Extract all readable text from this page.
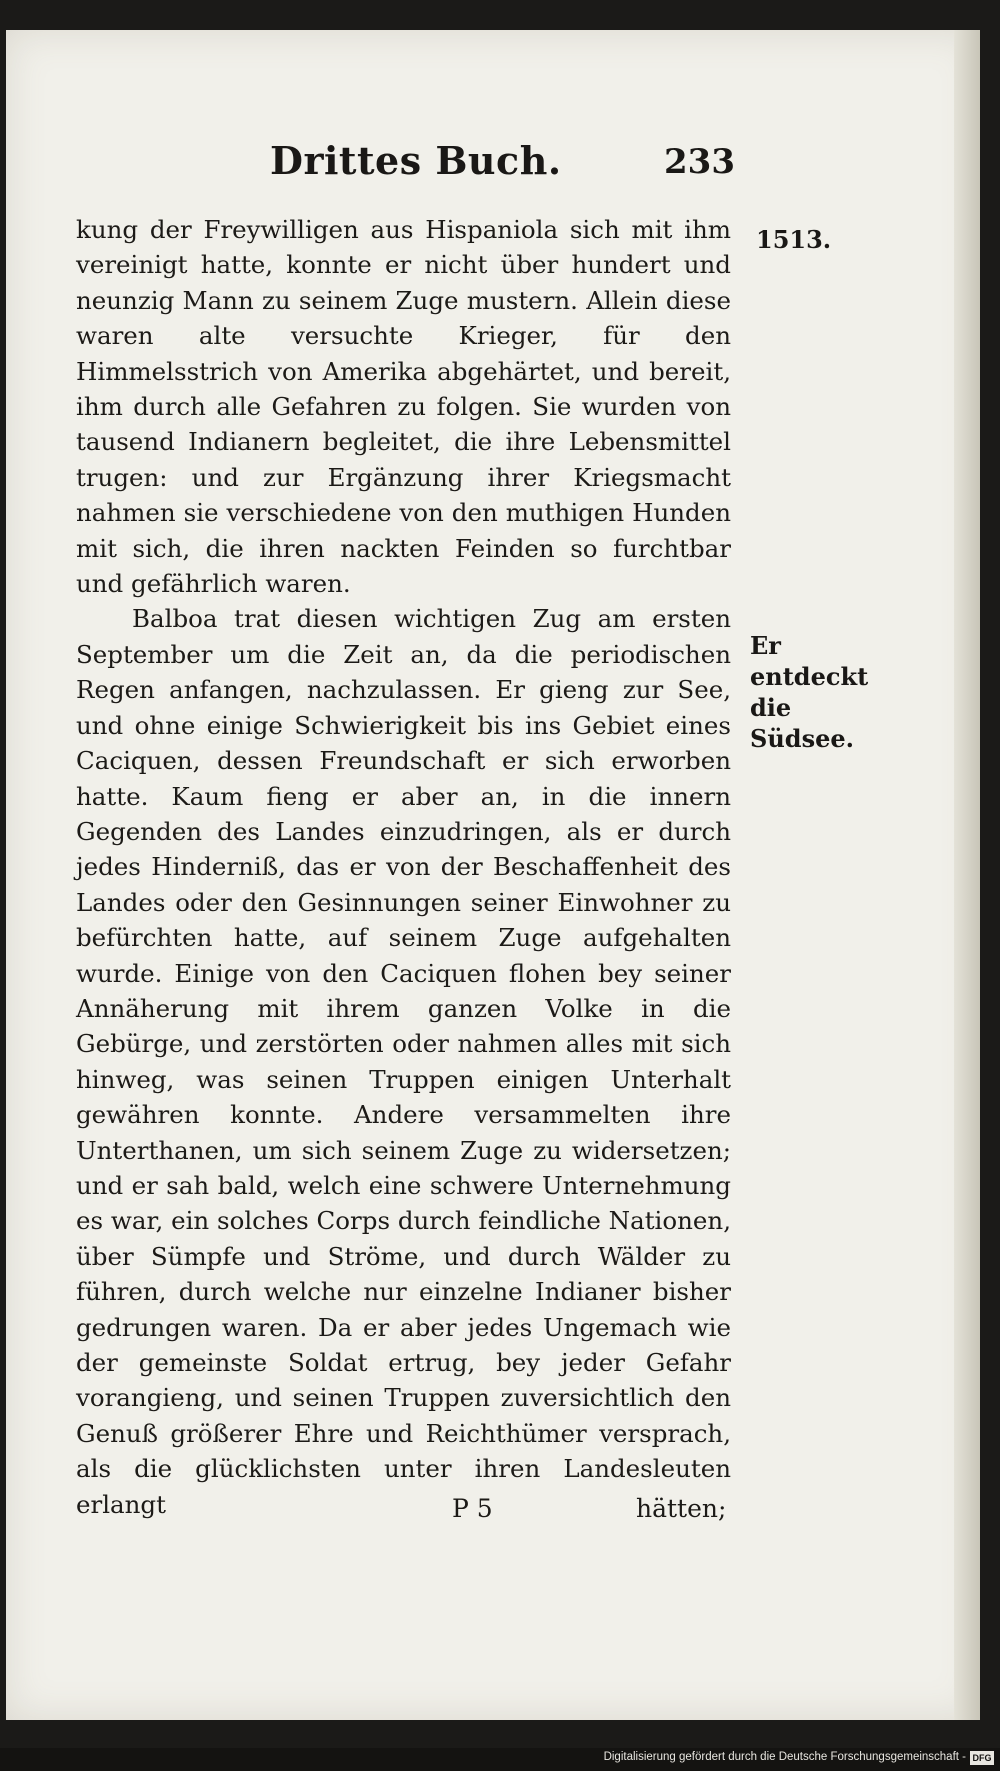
Drittes Buch.	233

kung der Freywilligen aus Hispaniola sich mit ihm vereinigt hatte, konnte er nicht über hundert und neunzig Mann zu seinem Zuge mustern. Allein diese waren alte versuchte Krieger, für den Himmelsstrich von Amerika abgehärtet, und bereit, ihm durch alle Gefahren zu folgen. Sie wurden von tausend Indianern begleitet, die ihre Lebensmittel trugen: und zur Ergänzung ihrer Kriegsmacht nahmen sie verschiedene von den muthigen Hunden mit sich, die ihren nackten Feinden so furchtbar und gefährlich waren.

Balboa trat diesen wichtigen Zug am ersten September um die Zeit an, da die periodischen Regen anfangen, nachzulassen. Er gieng zur See, und ohne einige Schwierigkeit bis ins Gebiet eines Caciquen, dessen Freundschaft er sich erworben hatte. Kaum fieng er aber an, in die innern Gegenden des Landes einzudringen, als er durch jedes Hinderniß, das er von der Beschaffenheit des Landes oder den Gesinnungen seiner Einwohner zu befürchten hatte, auf seinem Zuge aufgehalten wurde. Einige von den Caciquen flohen bey seiner Annäherung mit ihrem ganzen Volke in die Gebürge, und zerstörten oder nahmen alles mit sich hinweg, was seinen Truppen einigen Unterhalt gewähren konnte. Andere versammelten ihre Unterthanen, um sich seinem Zuge zu widersetzen; und er sah bald, welch eine schwere Unternehmung es war, ein solches Corps durch feindliche Nationen, über Sümpfe und Ströme, und durch Wälder zu führen, durch welche nur einzelne Indianer bisher gedrungen waren. Da er aber jedes Ungemach wie der gemeinste Soldat ertrug, bey jeder Gefahr vorangieng, und seinen Truppen zuversichtlich den Genuß größerer Ehre und Reichthümer versprach, als die glücklichsten unter ihren Landesleuten erlangt

1513.
Er entdeckt die Südsee.
P 5	hätten;
Digitalisierung gefördert durch die Deutsche Forschungsgemeinschaft - DFG
